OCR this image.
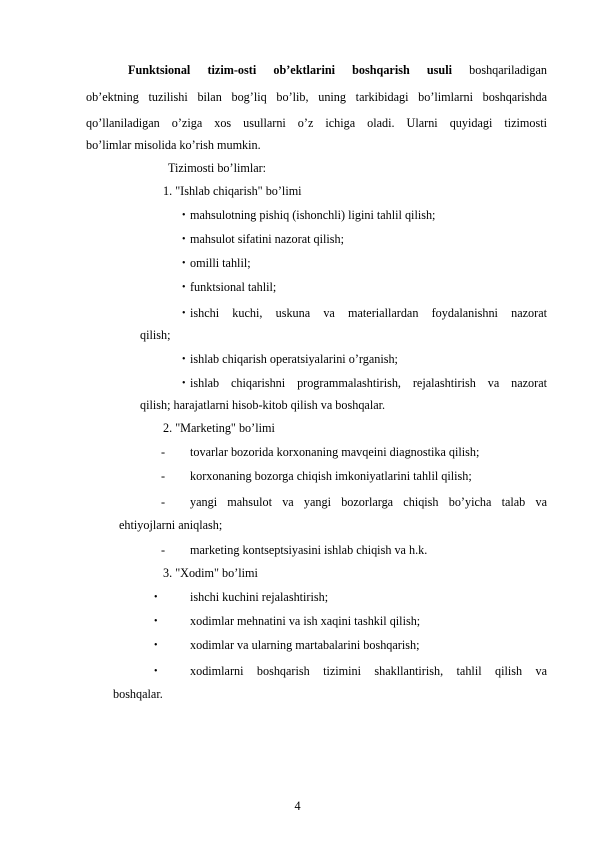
Funktsional tizim-osti ob’ektlarini boshqarish usuli boshqariladigan
ob’ektning tuzilishi bilan bog’liq bo’lib, uning tarkibidagi bo’limlarni boshqarishda
qo’llaniladigan o’ziga xos usullarni o’z ichiga oladi. Ularni quyidagi tizimosti
bo’limlar misolida ko’rish mumkin.
Tizimosti bo’limlar:
1. "Ishlab chiqarish" bo’limi
• mahsulotning pishiq (ishonchli) ligini tahlil qilish;
• mahsulot sifatini nazorat qilish;
• omilli tahlil;
• funktsional tahlil;
• ishchi kuchi, uskuna va materiallardan foydalanishni nazorat
qilish;
• ishlab chiqarish operatsiyalarini o’rganish;
• ishlab chiqarishni programmalashtirish, rejalashtirish va nazorat
qilish; harajatlarni hisob-kitob qilish va boshqalar.
2. "Marketing" bo’limi
- tovarlar bozorida korxonaning mavqeini diagnostika qilish;
- korxonaning bozorga chiqish imkoniyatlarini tahlil qilish;
- yangi mahsulot va yangi bozorlarga chiqish bo’yicha talab va
ehtiyojlarni aniqlash;
- marketing kontseptsiyasini ishlab chiqish va h.k.
3. "Xodim" bo’limi
•	ishchi kuchini rejalashtirish;
•	xodimlar mehnatini va ish xaqini tashkil qilish;
•	xodimlar va ularning martabalarini boshqarish;
•	xodimlarni boshqarish tizimini shakllantirish, tahlil qilish va
boshqalar.
4
